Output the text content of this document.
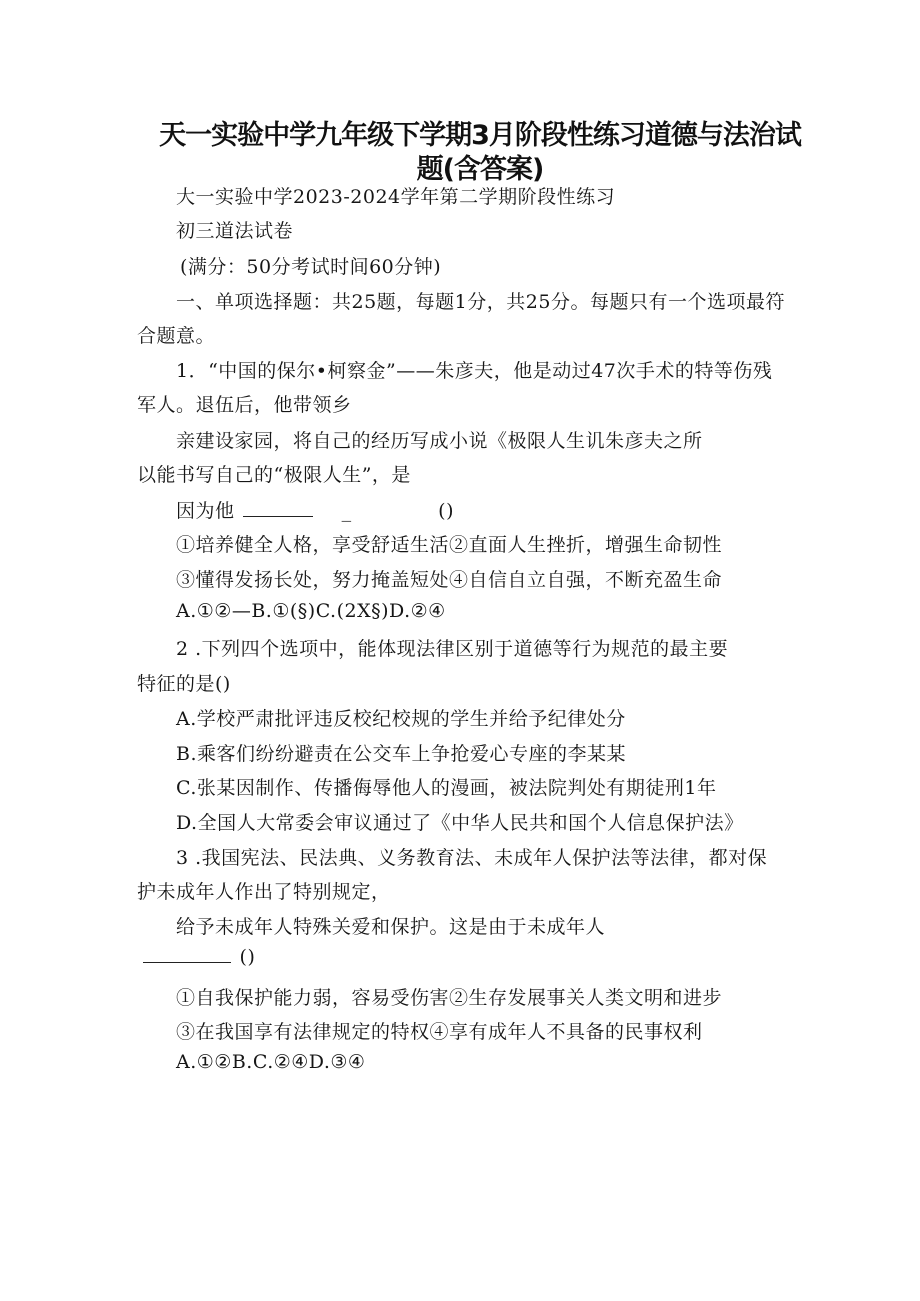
天一实验中学九年级下学期3月阶段性练习道德与法治试
题(含答案)
大一实验中学2023-2024学年第二学期阶段性练习
初三道法试卷
(满分：50分考试时间60分钟)
一、单项选择题：共25题，每题1分，共25分。每题只有一个选项最符
合题意。
1．“中国的保尔•柯察金”——朱彦夫，他是动过47次手术的特等伤残
军人。退伍后，他带领乡
亲建设家园，将自己的经历写成小说《极限人生讥朱彦夫之所
以能书写自己的“极限人生”，是
因为他	_	()
①培养健全人格，享受舒适生活②直面人生挫折，增强生命韧性
③懂得发扬长处，努力掩盖短处④自信自立自强，不断充盈生命
A.①②—B.①(§)C.(2X§)D.②④
2 .下列四个选项中，能体现法律区别于道德等行为规范的最主要
特征的是()
A.学校严肃批评违反校纪校规的学生并给予纪律处分
B.乘客们纷纷避责在公交车上争抢爱心专座的李某某
C.张某因制作、传播侮辱他人的漫画，被法院判处有期徒刑1年
D.全国人大常委会审议通过了《中华人民共和国个人信息保护法》
3 .我国宪法、民法典、义务教育法、未成年人保护法等法律，都对保
护未成年人作出了特别规定，
给予未成年人特殊关爱和保护。这是由于未成年人
()
①自我保护能力弱，容易受伤害②生存发展事关人类文明和进步
③在我国享有法律规定的特权④享有成年人不具备的民事权利
A.①②B.C.②④D.③④
